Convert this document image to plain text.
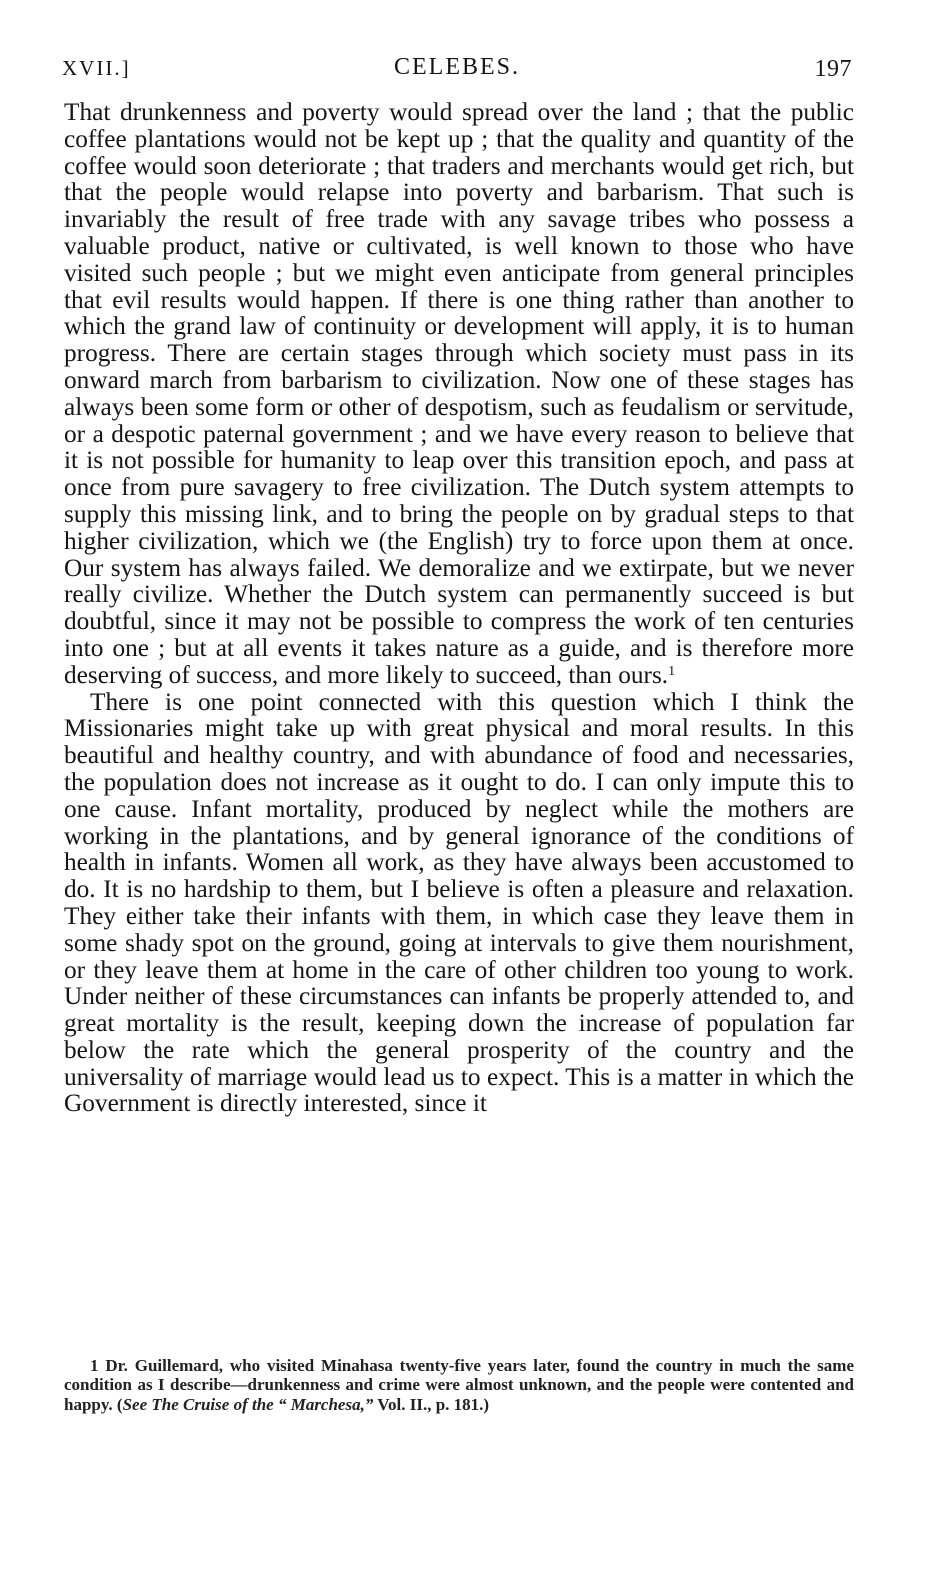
XVII.]	CELEBES.	197

That drunkenness and poverty would spread over the land ; that the public coffee plantations would not be kept up ; that the quality and quantity of the coffee would soon deteriorate ; that traders and merchants would get rich, but that the people would relapse into poverty and barbarism. That such is invariably the result of free trade with any savage tribes who possess a valuable product, native or cultivated, is well known to those who have visited such people ; but we might even anticipate from general principles that evil results would happen. If there is one thing rather than another to which the grand law of continuity or development will apply, it is to human progress. There are certain stages through which society must pass in its onward march from barbarism to civilization. Now one of these stages has always been some form or other of despotism, such as feudalism or servitude, or a despotic paternal government ; and we have every reason to believe that it is not possible for humanity to leap over this transition epoch, and pass at once from pure savagery to free civilization. The Dutch system attempts to supply this missing link, and to bring the people on by gradual steps to that higher civilization, which we (the English) try to force upon them at once. Our system has always failed. We demoralize and we extirpate, but we never really civilize. Whether the Dutch system can permanently succeed is but doubtful, since it may not be possible to compress the work of ten centuries into one ; but at all events it takes nature as a guide, and is therefore more deserving of success, and more likely to succeed, than ours.$^1$

There is one point connected with this question which I think the Missionaries might take up with great physical and moral results. In this beautiful and healthy country, and with abundance of food and necessaries, the population does not increase as it ought to do. I can only impute this to one cause. Infant mortality, produced by neglect while the mothers are working in the plantations, and by general ignorance of the conditions of health in infants. Women all work, as they have always been accustomed to do. It is no hardship to them, but I believe is often a pleasure and relaxation. They either take their infants with them, in which case they leave them in some shady spot on the ground, going at intervals to give them nourishment, or they leave them at home in the care of other children too young to work. Under neither of these circumstances can infants be properly attended to, and great mortality is the result, keeping down the increase of population far below the rate which the general prosperity of the country and the universality of marriage would lead us to expect. This is a matter in which the Government is directly interested, since it

1 Dr. Guillemard, who visited Minahasa twenty-five years later, found the country in much the same condition as I describe—drunkenness and crime were almost unknown, and the people were contented and happy. (See The Cruise of the “ Marchesa,” Vol. II., p. 181.)
